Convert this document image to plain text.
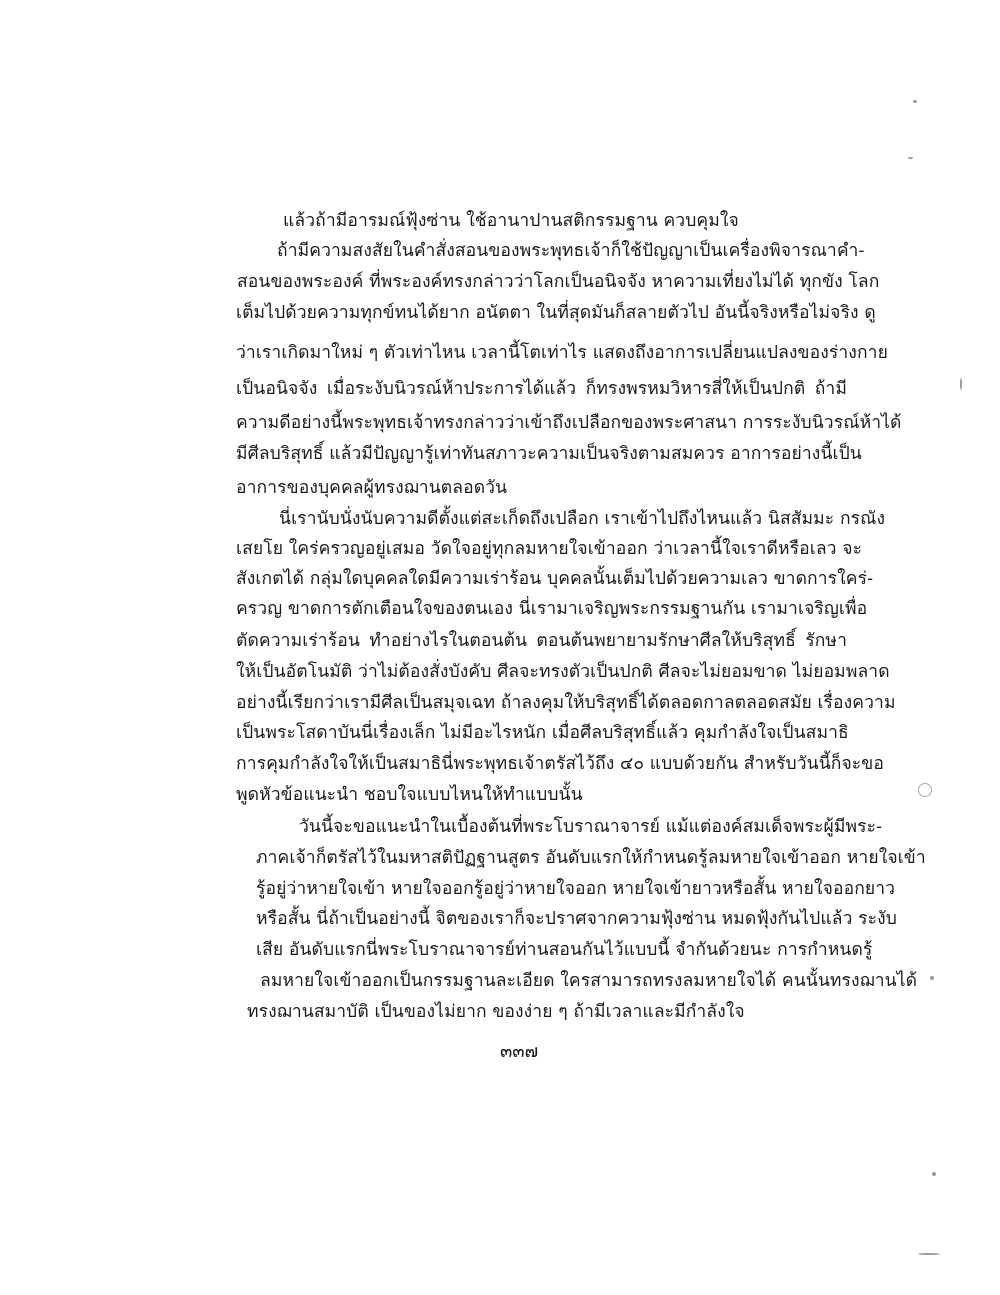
แล้วถ้ามีอารมณ์ฟุ้งซ่าน ใช้อานาปานสติกรรมฐาน ควบคุมใจ
ถ้ามีความสงสัยในคำสั่งสอนของพระพุทธเจ้าก็ใช้ปัญญาเป็นเครื่องพิจารณาคำ-
สอนของพระองค์ ที่พระองค์ทรงกล่าวว่าโลกเป็นอนิจจัง หาความเที่ยงไม่ได้ ทุกขัง โลก
เต็มไปด้วยความทุกข์ทนได้ยาก อนัตตา ในที่สุดมันก็สลายตัวไป อันนี้จริงหรือไม่จริง ดู
ว่าเราเกิดมาใหม่ ๆ ตัวเท่าไหน เวลานี้โตเท่าไร แสดงถึงอาการเปลี่ยนแปลงของร่างกาย
เป็นอนิจจัง เมื่อระงับนิวรณ์ห้าประการได้แล้ว ก็ทรงพรหมวิหารสี่ให้เป็นปกติ ถ้ามี
ความดีอย่างนี้พระพุทธเจ้าทรงกล่าวว่าเข้าถึงเปลือกของพระศาสนา การระงับนิวรณ์ห้าได้
มีศีลบริสุทธิ์ แล้วมีปัญญารู้เท่าทันสภาวะความเป็นจริงตามสมควร อาการอย่างนี้เป็น
อาการของบุคคลผู้ทรงฌานตลอดวัน
นี่เรานับนั่งนับความดีตั้งแต่สะเก็ดถึงเปลือก เราเข้าไปถึงไหนแล้ว นิสสัมมะ กรณัง
เสยโย ใคร่ครวญอยู่เสมอ วัดใจอยู่ทุกลมหายใจเข้าออก ว่าเวลานี้ใจเราดีหรือเลว จะ
สังเกตได้ กลุ่มใดบุคคลใดมีความเร่าร้อน บุคคลนั้นเต็มไปด้วยความเลว ขาดการใคร่-
ครวญ ขาดการตักเตือนใจของตนเอง นี่เรามาเจริญพระกรรมฐานกัน เรามาเจริญเพื่อ
ตัดความเร่าร้อน ทำอย่างไรในตอนต้น ตอนต้นพยายามรักษาศีลให้บริสุทธิ์ รักษา
ให้เป็นอัตโนมัติ ว่าไม่ต้องสั่งบังคับ ศีลจะทรงตัวเป็นปกติ ศีลจะไม่ยอมขาด ไม่ยอมพลาด
อย่างนี้เรียกว่าเรามีศีลเป็นสมุจเฉท ถ้าลงคุมให้บริสุทธิ์ได้ตลอดกาลตลอดสมัย เรื่องความ
เป็นพระโสดาบันนี่เรื่องเล็ก ไม่มีอะไรหนัก เมื่อศีลบริสุทธิ์แล้ว คุมกำลังใจเป็นสมาธิ
การคุมกำลังใจให้เป็นสมาธินี่พระพุทธเจ้าตรัสไว้ถึง ๔๐ แบบด้วยกัน สำหรับวันนี้ก็จะขอ
พูดหัวข้อแนะนำ ชอบใจแบบไหนให้ทำแบบนั้น
วันนี้จะขอแนะนำในเบื้องต้นที่พระโบราณาจารย์ แม้แต่องค์สมเด็จพระผู้มีพระ-
ภาคเจ้าก็ตรัสไว้ในมหาสติปัฏฐานสูตร อันดับแรกให้กำหนดรู้ลมหายใจเข้าออก หายใจเข้า
รู้อยู่ว่าหายใจเข้า หายใจออกรู้อยู่ว่าหายใจออก หายใจเข้ายาวหรือสั้น หายใจออกยาว
หรือสั้น นี่ถ้าเป็นอย่างนี้ จิตของเราก็จะปราศจากความฟุ้งซ่าน หมดฟุ้งกันไปแล้ว ระงับ
เสีย อันดับแรกนี่พระโบราณาจารย์ท่านสอนกันไว้แบบนี้ จำกันด้วยนะ การกำหนดรู้
ลมหายใจเข้าออกเป็นกรรมฐานละเอียด ใครสามารถทรงลมหายใจได้ คนนั้นทรงฌานได้
ทรงฌานสมาบัติ เป็นของไม่ยาก ของง่าย ๆ ถ้ามีเวลาและมีกำลังใจ
๓๓๗
